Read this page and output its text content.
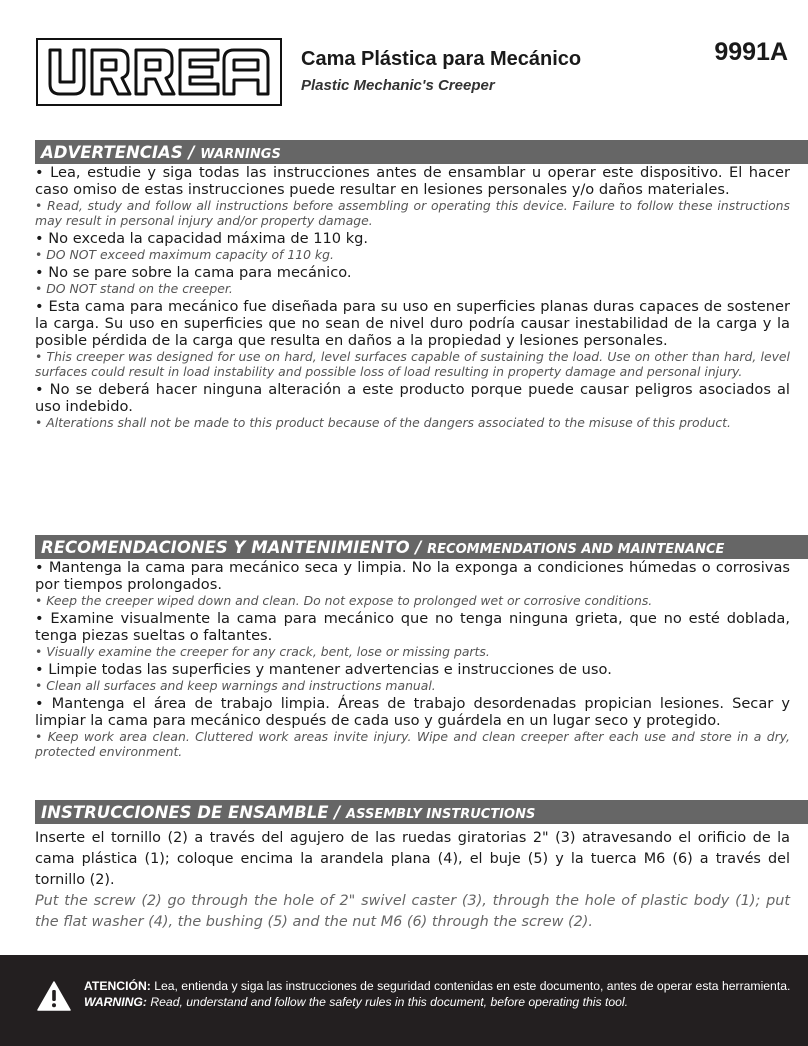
Cama Plástica para Mecánico
Plastic Mechanic's Creeper
9991A
ADVERTENCIAS / WARNINGS

• Lea, estudie y siga todas las instrucciones antes de ensamblar u operar este dispositivo. El hacer caso omiso de estas instrucciones puede resultar en lesiones personales y/o daños materiales.

• Read, study and follow all instructions before assembling or operating this device. Failure to follow these instructions may result in personal injury and/or property damage.

• No exceda la capacidad máxima de 110 kg.

• DO NOT exceed maximum capacity of 110 kg.

• No se pare sobre la cama para mecánico.

• DO NOT stand on the creeper.

• Esta cama para mecánico fue diseñada para su uso en superficies planas duras capaces de sostener la carga. Su uso en superficies que no sean de nivel duro podría causar inestabilidad de la carga y la posible pérdida de la carga que resulta en daños a la propiedad y lesiones personales.

• This creeper was designed for use on hard, level surfaces capable of sustaining the load. Use on other than hard, level surfaces could result in load instability and possible loss of load resulting in property damage and personal injury.

• No se deberá hacer ninguna alteración a este producto porque puede causar peligros asociados al uso indebido.

• Alterations shall not be made to this product because of the dangers associated to the misuse of this product.

RECOMENDACIONES Y MANTENIMIENTO / RECOMMENDATIONS AND MAINTENANCE

• Mantenga la cama para mecánico seca y limpia. No la exponga a condiciones húmedas o corrosivas por tiempos prolongados.

• Keep the creeper wiped down and clean. Do not expose to prolonged wet or corrosive conditions.

• Examine visualmente la cama para mecánico que no tenga ninguna grieta, que no esté doblada, tenga piezas sueltas o faltantes.

• Visually examine the creeper for any crack, bent, lose or missing parts.

• Limpie todas las superficies y mantener advertencias e instrucciones de uso.

• Clean all surfaces and keep warnings and instructions manual.

• Mantenga el área de trabajo limpia. Áreas de trabajo desordenadas propician lesiones. Secar y limpiar la cama para mecánico después de cada uso y guárdela en un lugar seco y protegido.

• Keep work area clean. Cluttered work areas invite injury. Wipe and clean creeper after each use and store in a dry, protected environment.

INSTRUCCIONES DE ENSAMBLE / ASSEMBLY INSTRUCTIONS

Inserte el tornillo (2) a través del agujero de las ruedas giratorias 2" (3) atravesando el orificio de la cama plástica (1); coloque encima la arandela plana (4), el buje (5) y la tuerca M6 (6) a través del tornillo (2).

Put the screw (2) go through the hole of 2" swivel caster (3), through the hole of plastic body (1); put the flat washer (4), the bushing (5) and the nut M6 (6) through the screw (2).

ATENCIÓN: Lea, entienda y siga las instrucciones de seguridad contenidas en este documento, antes de operar esta herramienta.
WARNING: Read, understand and follow the safety rules in this document, before operating this tool.
